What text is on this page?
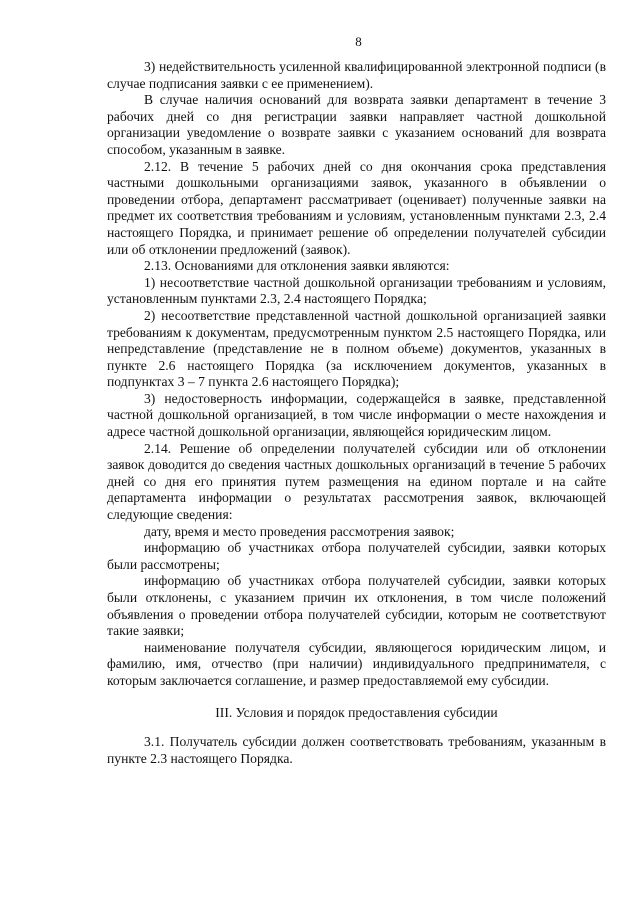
8

3) недействительность усиленной квалифицированной электронной подписи (в случае подписания заявки с ее применением).

В случае наличия оснований для возврата заявки департамент в течение 3 рабочих дней со дня регистрации заявки направляет частной дошкольной организации уведомление о возврате заявки с указанием оснований для возврата способом, указанным в заявке.

2.12. В течение 5 рабочих дней со дня окончания срока представления частными дошкольными организациями заявок, указанного в объявлении о проведении отбора, департамент рассматривает (оценивает) полученные заявки на предмет их соответствия требованиям и условиям, установленным пунктами 2.3, 2.4 настоящего Порядка, и принимает решение об определении получателей субсидии или об отклонении предложений (заявок).

2.13. Основаниями для отклонения заявки являются:

1) несоответствие частной дошкольной организации требованиям и условиям, установленным пунктами 2.3, 2.4 настоящего Порядка;

2) несоответствие представленной частной дошкольной организацией заявки требованиям к документам, предусмотренным пунктом 2.5 настоящего Порядка, или непредставление (представление не в полном объеме) документов, указанных в пункте 2.6 настоящего Порядка (за исключением документов, указанных в подпунктах 3 – 7 пункта 2.6 настоящего Порядка);

3) недостоверность информации, содержащейся в заявке, представленной частной дошкольной организацией, в том числе информации о месте нахождения и адресе частной дошкольной организации, являющейся юридическим лицом.

2.14. Решение об определении получателей субсидии или об отклонении заявок доводится до сведения частных дошкольных организаций в течение 5 рабочих дней со дня его принятия путем размещения на едином портале и на сайте департамента информации о результатах рассмотрения заявок, включающей следующие сведения:

дату, время и место проведения рассмотрения заявок;

информацию об участниках отбора получателей субсидии, заявки которых были рассмотрены;

информацию об участниках отбора получателей субсидии, заявки которых были отклонены, с указанием причин их отклонения, в том числе положений объявления о проведении отбора получателей субсидии, которым не соответствуют такие заявки;

наименование получателя субсидии, являющегося юридическим лицом, и фамилию, имя, отчество (при наличии) индивидуального предпринимателя, с которым заключается соглашение, и размер предоставляемой ему субсидии.

III. Условия и порядок предоставления субсидии

3.1. Получатель субсидии должен соответствовать требованиям, указанным в пункте 2.3 настоящего Порядка.
